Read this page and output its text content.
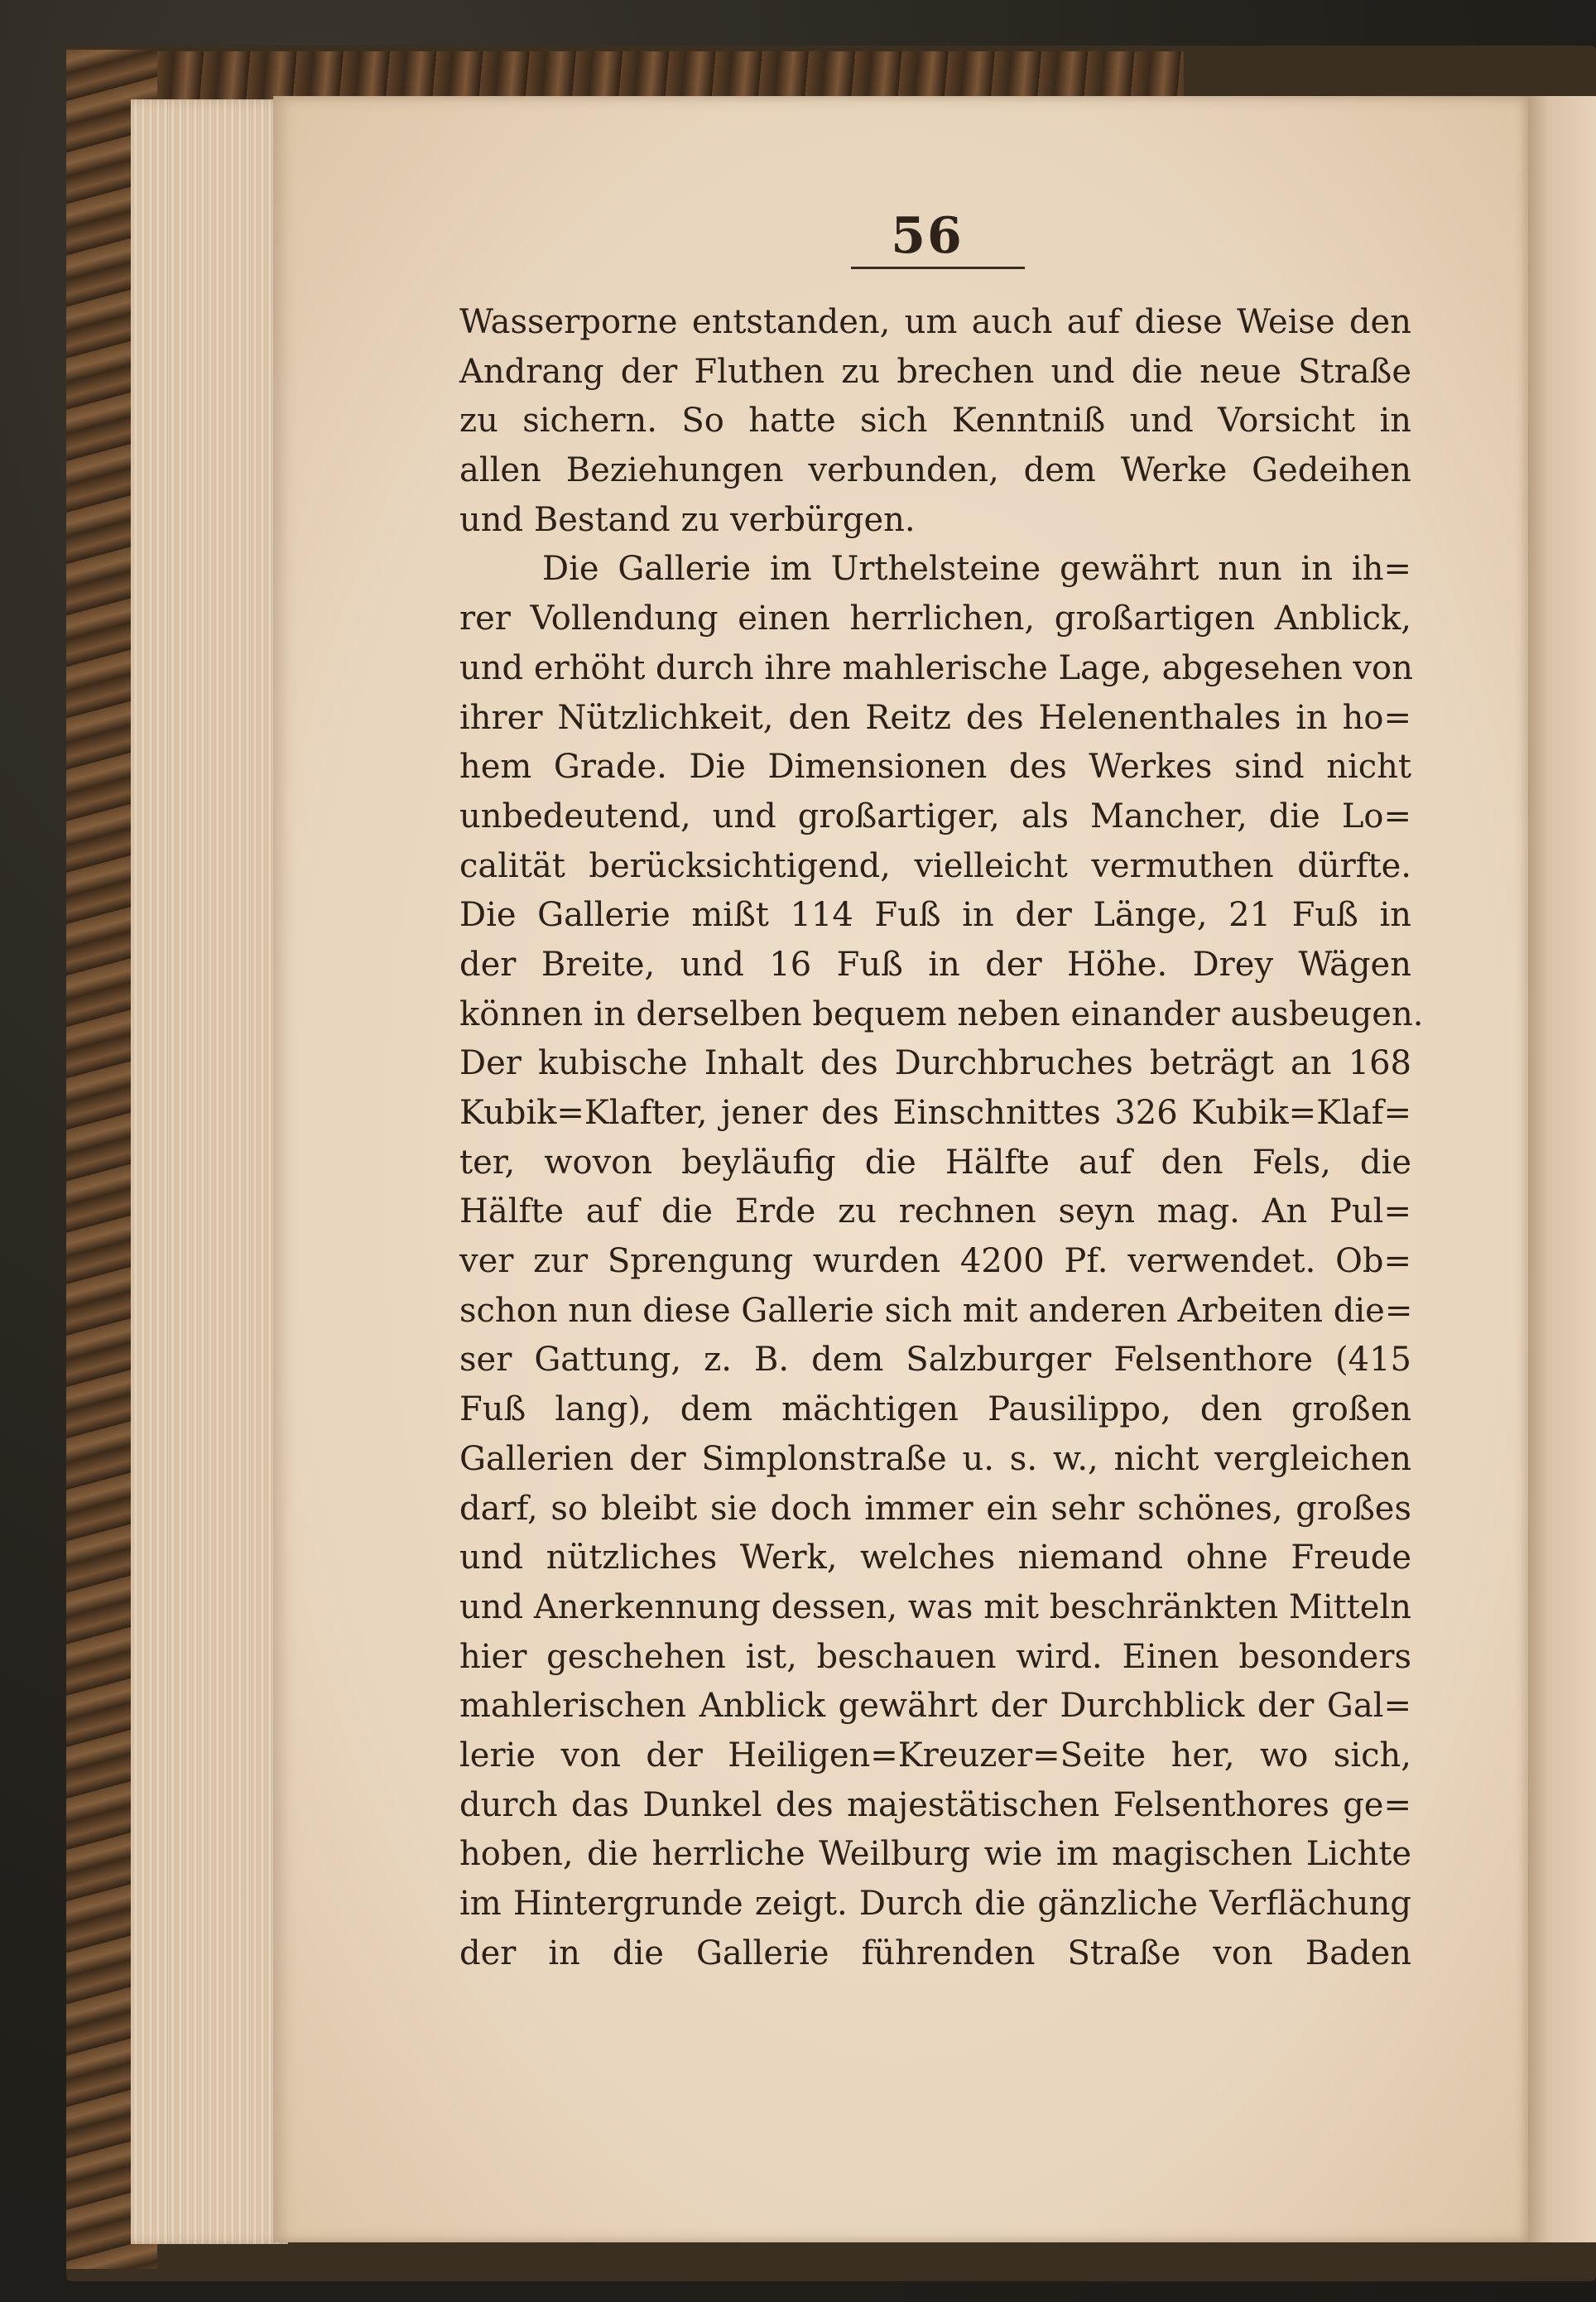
56
Wasserporne entstanden, um auch auf diese Weise den
Andrang der Fluthen zu brechen und die neue Straße
zu sichern. So hatte sich Kenntniß und Vorsicht in
allen Beziehungen verbunden, dem Werke Gedeihen
und Bestand zu verbürgen.
Die Gallerie im Urthelsteine gewährt nun in ih=
rer Vollendung einen herrlichen, großartigen Anblick,
und erhöht durch ihre mahlerische Lage, abgesehen von
ihrer Nützlichkeit, den Reitz des Helenenthales in ho=
hem Grade. Die Dimensionen des Werkes sind nicht
unbedeutend, und großartiger, als Mancher, die Lo=
calität berücksichtigend, vielleicht vermuthen dürfte.
Die Gallerie mißt 114 Fuß in der Länge, 21 Fuß in
der Breite, und 16 Fuß in der Höhe. Drey Wägen
können in derselben bequem neben einander ausbeugen.
Der kubische Inhalt des Durchbruches beträgt an 168
Kubik=Klafter, jener des Einschnittes 326 Kubik=Klaf=
ter, wovon beyläufig die Hälfte auf den Fels, die
Hälfte auf die Erde zu rechnen seyn mag. An Pul=
ver zur Sprengung wurden 4200 Pf. verwendet. Ob=
schon nun diese Gallerie sich mit anderen Arbeiten die=
ser Gattung, z. B. dem Salzburger Felsenthore (415
Fuß lang), dem mächtigen Pausilippo, den großen
Gallerien der Simplonstraße u. s. w., nicht vergleichen
darf, so bleibt sie doch immer ein sehr schönes, großes
und nützliches Werk, welches niemand ohne Freude
und Anerkennung dessen, was mit beschränkten Mitteln
hier geschehen ist, beschauen wird. Einen besonders
mahlerischen Anblick gewährt der Durchblick der Gal=
lerie von der Heiligen=Kreuzer=Seite her, wo sich,
durch das Dunkel des majestätischen Felsenthores ge=
hoben, die herrliche Weilburg wie im magischen Lichte
im Hintergrunde zeigt. Durch die gänzliche Verflächung
der in die Gallerie führenden Straße von Baden
